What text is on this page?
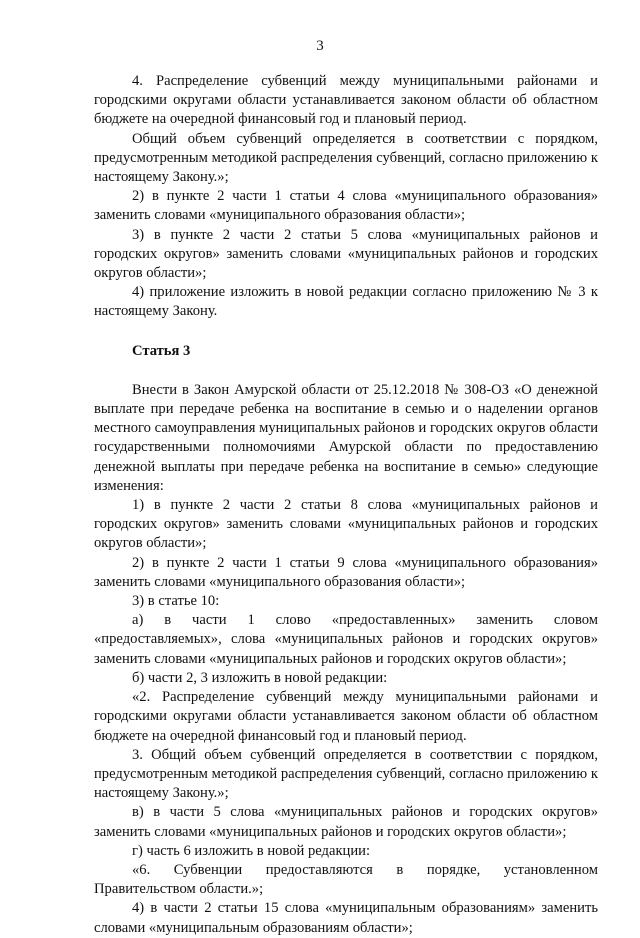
3

4. Распределение субвенций между муниципальными районами и городскими округами области устанавливается законом области об областном бюджете на очередной финансовый год и плановый период.

Общий объем субвенций определяется в соответствии с порядком, предусмотренным методикой распределения субвенций, согласно приложению к настоящему Закону.»;

2) в пункте 2 части 1 статьи 4 слова «муниципального образования» заменить словами «муниципального образования области»;

3) в пункте 2 части 2 статьи 5 слова «муниципальных районов и городских округов» заменить словами «муниципальных районов и городских округов области»;

4) приложение изложить в новой редакции согласно приложению № 3 к настоящему Закону.

Статья 3

Внести в Закон Амурской области от 25.12.2018 № 308-ОЗ «О денежной выплате при передаче ребенка на воспитание в семью и о наделении органов местного самоуправления муниципальных районов и городских округов области государственными полномочиями Амурской области по предоставлению денежной выплаты при передаче ребенка на воспитание в семью» следующие изменения:

1) в пункте 2 части 2 статьи 8 слова «муниципальных районов и городских округов» заменить словами «муниципальных районов и городских округов области»;

2) в пункте 2 части 1 статьи 9 слова «муниципального образования» заменить словами «муниципального образования области»;

3) в статье 10:

а) в части 1 слово «предоставленных» заменить словом «предоставляемых», слова «муниципальных районов и городских округов» заменить словами «муниципальных районов и городских округов области»;

б) части 2, 3 изложить в новой редакции:

«2. Распределение субвенций между муниципальными районами и городскими округами области устанавливается законом области об областном бюджете на очередной финансовый год и плановый период.

3. Общий объем субвенций определяется в соответствии с порядком, предусмотренным методикой распределения субвенций, согласно приложению к настоящему Закону.»;

в) в части 5 слова «муниципальных районов и городских округов» заменить словами «муниципальных районов и городских округов области»;

г) часть 6 изложить в новой редакции:

«6. Субвенции предоставляются в порядке, установленном Правительством области.»;

4) в части 2 статьи 15 слова «муниципальным образованиям» заменить словами «муниципальным образованиям области»;
